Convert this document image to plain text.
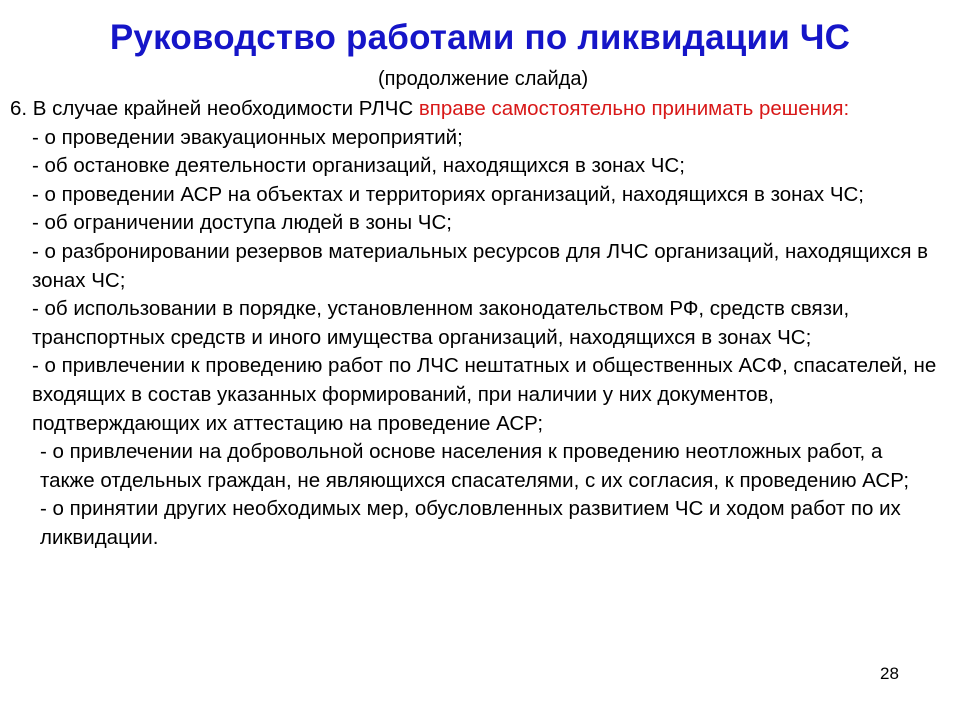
Руководство работами по ликвидации ЧС
(продолжение слайда)

6. В случае крайней необходимости РЛЧС вправе самостоятельно принимать решения:

- о проведении эвакуационных мероприятий;

- об остановке деятельности организаций, находящихся в зонах ЧС;

- о проведении АСР на объектах и территориях организаций, находящихся в зонах ЧС;

- об ограничении доступа людей в зоны ЧС;

- о разбронировании резервов материальных ресурсов для ЛЧС организаций, находящихся в зонах ЧС;

- об использовании в порядке, установленном законодательством РФ, средств связи, транспортных средств и иного имущества организаций, находящихся в зонах ЧС;

- о привлечении к проведению работ по ЛЧС нештатных и общественных АСФ, спасателей, не входящих в состав указанных формирований, при наличии у них документов, подтверждающих их аттестацию на проведение АСР;

- о привлечении на добровольной основе населения к проведению неотложных работ, а также отдельных граждан, не являющихся спасателями, с их согласия, к проведению АСР;

- о принятии других необходимых мер, обусловленных развитием ЧС и ходом работ по их ликвидации.

28
